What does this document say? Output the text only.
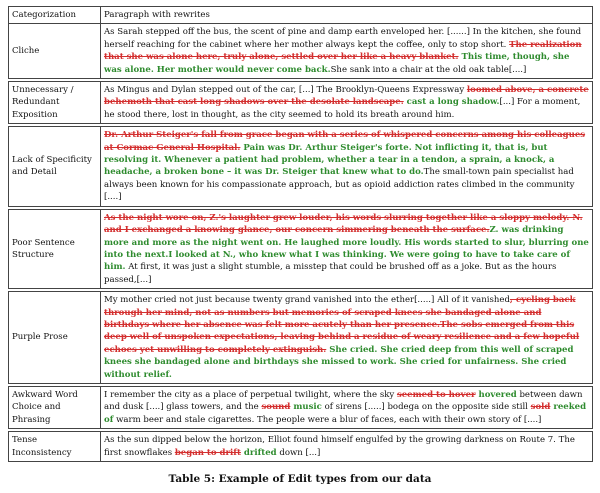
Categorization	Paragraph with rewrites
Cliche	As Sarah stepped off the bus, the scent of pine and damp earth enveloped her. [......] In the kitchen, she found herself reaching for the cabinet where her mother always kept the coffee, only to stop short. The realization that she was alone here, truly alone, settled over her like a heavy blanket. This time, though, she was alone. Her mother would never come back.She sank into a chair at the old oak table[....]

Unnecessary / Redundant Exposition	As Mingus and Dylan stepped out of the car, [...] The Brooklyn-Queens Expressway loomed above, a concrete behemoth that cast long shadows over the desolate landscape. cast a long shadow.[...] For a moment, he stood there, lost in thought, as the city seemed to hold its breath around him.

Lack of Specificity and Detail	Dr. Arthur Steiger's fall from grace began with a series of whispered concerns among his colleagues at Cormac General Hospital. Pain was Dr. Arthur Steiger's forte. Not inflicting it, that is, but resolving it. Whenever a patient had problem, whether a tear in a tendon, a sprain, a knock, a headache, a broken bone – it was Dr. Steiger that knew what to do.The small-town pain specialist had always been known for his compassionate approach, but as opioid addiction rates climbed in the community [....]

Poor Sentence Structure	As the night wore on, Z.'s laughter grew louder, his words slurring together like a sloppy melody. N. and I exchanged a knowing glance, our concern simmering beneath the surface.Z. was drinking more and more as the night went on. He laughed more loudly. His words started to slur, blurring one into the next.I looked at N., who knew what I was thinking. We were going to have to take care of him. At first, it was just a slight stumble, a misstep that could be brushed off as a joke. But as the hours passed,[...]

Purple Prose	My mother cried not just because twenty grand vanished into the ether[.....] All of it vanished, cycling back through her mind, not as numbers but memories of scraped knees she bandaged alone and birthdays where her absence was felt more acutely than her presence.The sobs emerged from this deep well of unspoken expectations, leaving behind a residue of weary resilience and a few hopeful echoes yet unwilling to completely extinguish. She cried. She cried deep from this well of scraped knees she bandaged alone and birthdays she missed to work. She cried for unfairness. She cried without relief.

Awkward Word Choice and Phrasing	I remember the city as a place of perpetual twilight, where the sky seemed to hover hovered between dawn and dusk [....] glass towers, and the sound music of sirens [.....] bodega on the opposite side still sold reeked of warm beer and stale cigarettes. The people were a blur of faces, each with their own story of [....]

Tense Inconsistency	As the sun dipped below the horizon, Elliot found himself engulfed by the growing darkness on Route 7. The first snowflakes began to drift drifted down [...]
Table 5: Example of Edit types from our data
